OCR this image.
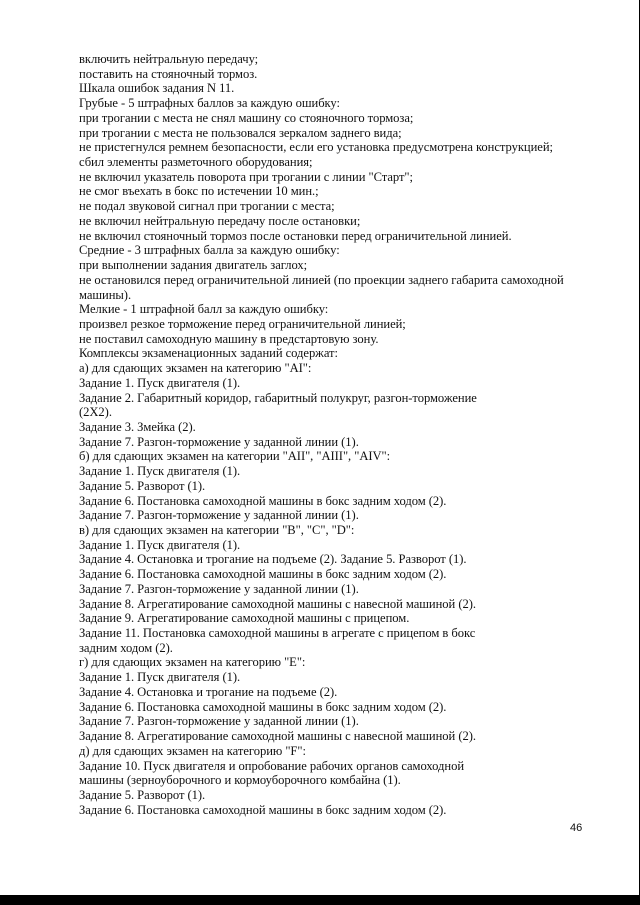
включить нейтральную передачу;
поставить на стояночный тормоз.
Шкала ошибок задания N 11.
Грубые - 5 штрафных баллов за каждую ошибку:
при трогании с места не снял машину со стояночного тормоза;
при трогании с места не пользовался зеркалом заднего вида;
не пристегнулся ремнем безопасности, если его установка предусмотрена конструкцией;
сбил элементы разметочного оборудования;
не включил указатель поворота при трогании с линии "Старт";
не смог въехать в бокс по истечении 10 мин.;
не подал звуковой сигнал при трогании с места;
не включил нейтральную передачу после остановки;
не включил стояночный тормоз после остановки перед ограничительной линией.
Средние - 3 штрафных балла за каждую ошибку:
при выполнении задания двигатель заглох;
не остановился перед ограничительной линией (по проекции заднего габарита самоходной
машины).
Мелкие - 1 штрафной балл за каждую ошибку:
произвел резкое торможение перед ограничительной линией;
не поставил самоходную машину в предстартовую зону.
Комплексы экзаменационных заданий содержат:
а) для сдающих экзамен на категорию "AI":
Задание 1. Пуск двигателя (1).
Задание 2. Габаритный коридор, габаритный полукруг, разгон-торможение
(2X2).
Задание 3. Змейка (2).
Задание 7. Разгон-торможение у заданной линии (1).
б) для сдающих экзамен на категории "AII", "AIII", "AIV":
Задание 1. Пуск двигателя (1).
Задание 5. Разворот (1).
Задание 6. Постановка самоходной машины в бокс задним ходом (2).
Задание 7. Разгон-торможение у заданной линии (1).
в) для сдающих экзамен на категории "B", "C", "D":
Задание 1. Пуск двигателя (1).
Задание 4. Остановка и трогание на подъеме (2). Задание 5. Разворот (1).
Задание 6. Постановка самоходной машины в бокс задним ходом (2).
Задание 7. Разгон-торможение у заданной линии (1).
Задание 8. Агрегатирование самоходной машины с навесной машиной (2).
Задание 9. Агрегатирование самоходной машины с прицепом.
Задание 11. Постановка самоходной машины в агрегате с прицепом в бокс
задним ходом (2).
г) для сдающих экзамен на категорию "E":
Задание 1. Пуск двигателя (1).
Задание 4. Остановка и трогание на подъеме (2).
Задание 6. Постановка самоходной машины в бокс задним ходом (2).
Задание 7. Разгон-торможение у заданной линии (1).
Задание 8. Агрегатирование самоходной машины с навесной машиной (2).
д) для сдающих экзамен на категорию "F":
Задание 10. Пуск двигателя и опробование рабочих органов самоходной
машины (зерноуборочного и кормоуборочного комбайна (1).
Задание 5. Разворот (1).
Задание 6. Постановка самоходной машины в бокс задним ходом (2).
46
